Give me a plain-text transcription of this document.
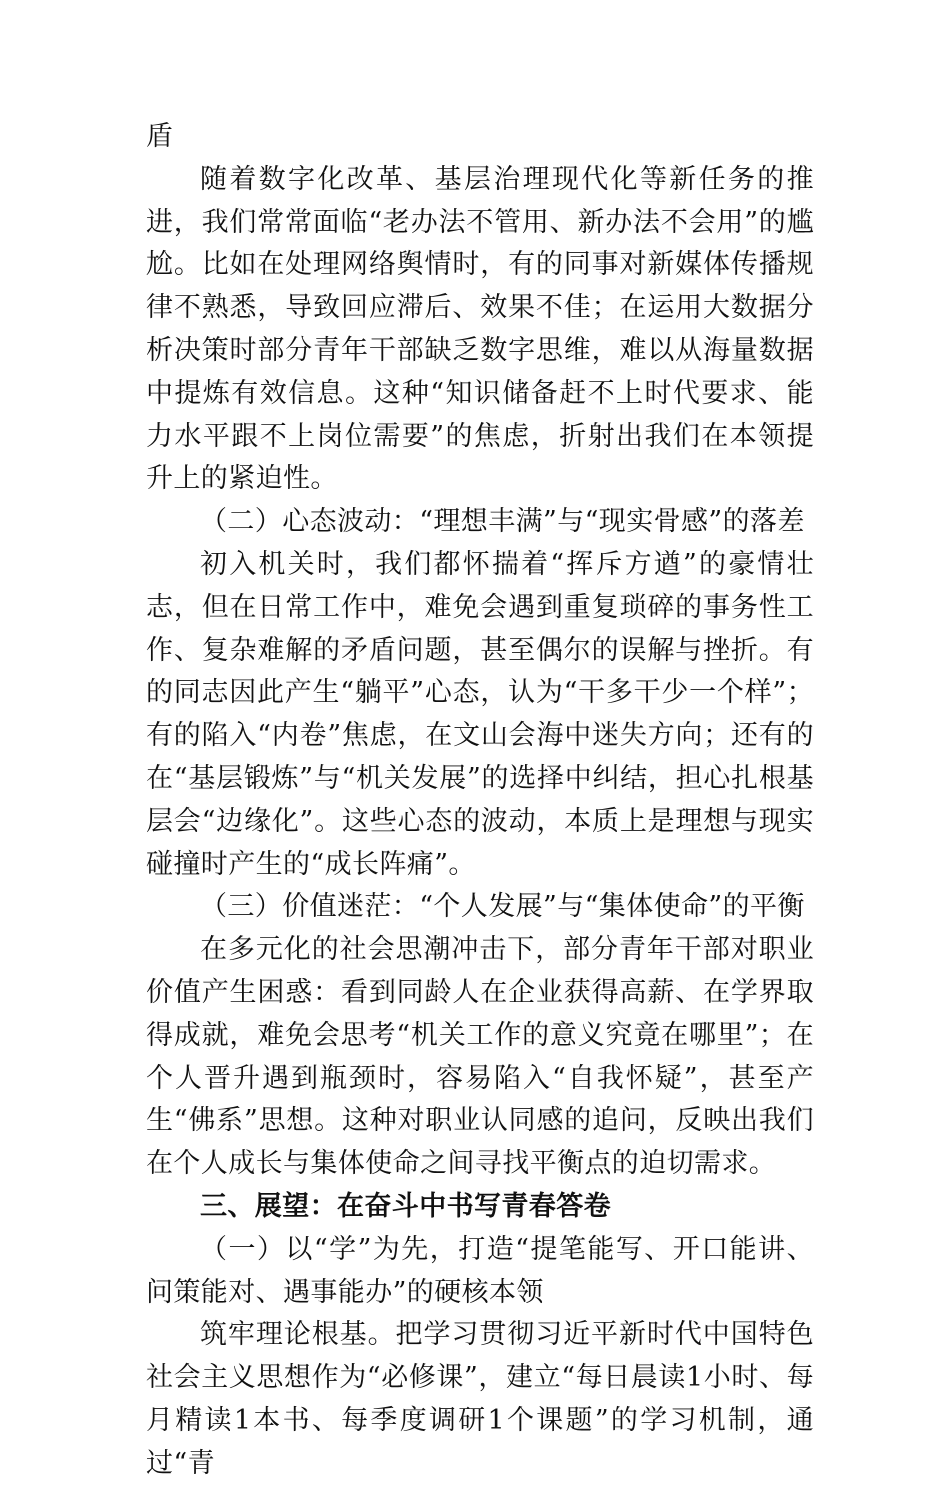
盾

随着数字化改革、基层治理现代化等新任务的推进，我们常常面临“老办法不管用、新办法不会用”的尴尬。比如在处理网络舆情时，有的同事对新媒体传播规律不熟悉，导致回应滞后、效果不佳；在运用大数据分析决策时部分青年干部缺乏数字思维，难以从海量数据中提炼有效信息。这种“知识储备赶不上时代要求、能力水平跟不上岗位需要”的焦虑，折射出我们在本领提升上的紧迫性。

（二）心态波动：“理想丰满”与“现实骨感”的落差

初入机关时，我们都怀揣着“挥斥方遒”的豪情壮志，但在日常工作中，难免会遇到重复琐碎的事务性工作、复杂难解的矛盾问题，甚至偶尔的误解与挫折。有的同志因此产生“躺平”心态，认为“干多干少一个样”；有的陷入“内卷”焦虑，在文山会海中迷失方向；还有的在“基层锻炼”与“机关发展”的选择中纠结，担心扎根基层会“边缘化”。这些心态的波动，本质上是理想与现实碰撞时产生的“成长阵痛”。

（三）价值迷茫：“个人发展”与“集体使命”的平衡

在多元化的社会思潮冲击下，部分青年干部对职业价值产生困惑：看到同龄人在企业获得高薪、在学界取得成就，难免会思考“机关工作的意义究竟在哪里”；在个人晋升遇到瓶颈时，容易陷入“自我怀疑”，甚至产生“佛系”思想。这种对职业认同感的追问，反映出我们在个人成长与集体使命之间寻找平衡点的迫切需求。

三、展望：在奋斗中书写青春答卷

（一）以“学”为先，打造“提笔能写、开口能讲、问策能对、遇事能办”的硬核本领

筑牢理论根基。把学习贯彻习近平新时代中国特色社会主义思想作为“必修课”，建立“每日晨读1小时、每月精读1本书、每季度调研1个课题”的学习机制，通过“青
